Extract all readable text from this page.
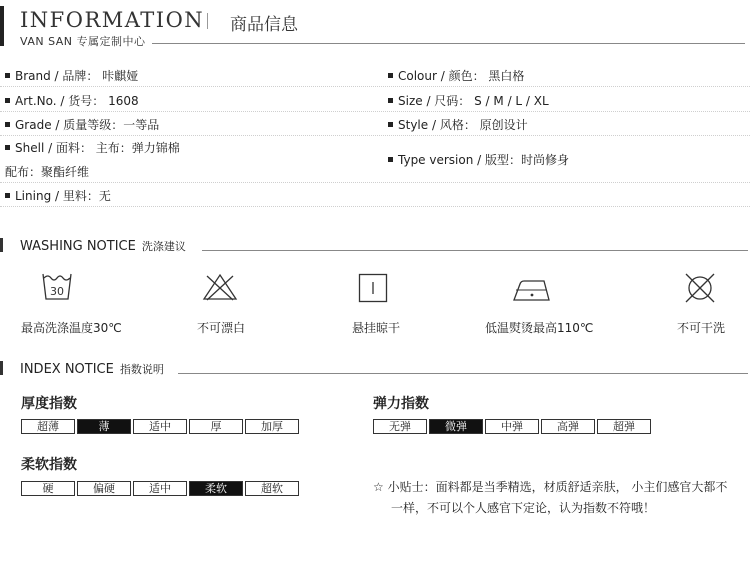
INFORMATION 商品信息
VAN SAN 专属定制中心
Brand / 品牌： 咔麒娅	Colour / 颜色： 黑白格
Art.No. / 货号： 1608	Size / 尺码： S / M / L / XL
Grade / 质量等级：一等品	Style / 风格： 原创设计
Shell / 面料： 主布：弹力锦棉
配布：聚酯纤维
Type version / 版型：时尚修身
Lining / 里料：无
WASHING NOTICE 洗涤建议
30
最高洗涤温度30℃	不可漂白	悬挂晾干	低温熨烫最高110℃	不可干洗
INDEX NOTICE 指数说明
厚度指数
超薄	薄	适中	厚	加厚
弹力指数
无弹	微弹	中弹	高弹	超弹
柔软指数
硬	偏硬	适中	柔软	超软	☆ 小贴士：面料都是当季精选，材质舒适亲肤， 小主们感官大都不
一样，不可以个人感官下定论，认为指数不符哦！
